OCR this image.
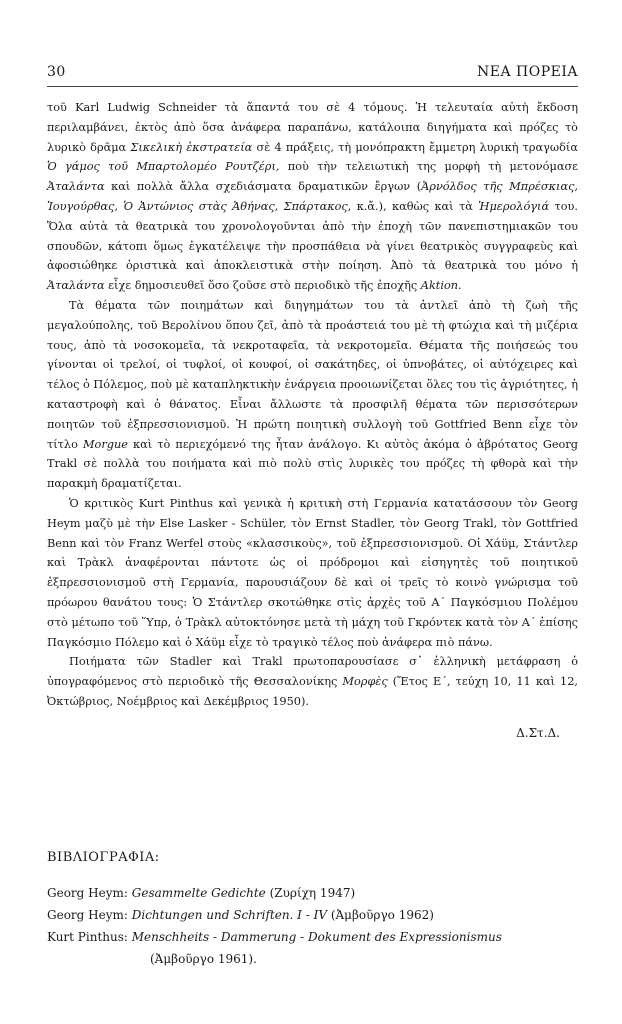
30	ΝΕΑ ΠΟΡΕΙΑ

τοῦ Karl Ludwig Schneider τὰ ἅπαντά του σὲ 4 τόμους. Ἡ τελευταία αὐτὴ ἔκδοση περιλαμβάνει, ἐκτὸς ἀπὸ ὅσα ἀνάφερα παραπάνω, κατάλοιπα διηγήματα καὶ πρόζες τὸ λυρικὸ δρᾶμα Σικελικὴ ἐκστρατεία σὲ 4 πράξεις, τὴ μονόπρακτη ἔμμετρη λυρικὴ τραγωδία Ὁ γάμος τοῦ Μπαρτολομέο Ρουτζέρι, ποὺ τὴν τελειωτικὴ της μορφὴ τὴ μετονόμασε Ἀταλάντα καὶ πολλὰ ἄλλα σχεδιάσματα δραματικῶν ἔργων (Ἀρνόλδος τῆς Μπρέσκιας, Ἰουγούρθας, Ὁ Ἀντώνιος στὰς Ἀθήνας, Σπάρτακος, κ.ἄ.), καθὼς καὶ τὰ Ἡμερολόγιά του. Ὅλα αὐτὰ τὰ θεατρικὰ του χρονολογοῦνται ἀπὸ τὴν ἐποχὴ τῶν πανεπιστημιακῶν του σπουδῶν, κάτοπι ὅμως ἐγκατέλειψε τὴν προσπάθεια νὰ γίνει θεατρικὸς συγγραφεὺς καὶ ἀφοσιώθηκε ὁριστικὰ καὶ ἀποκλειστικὰ στὴν ποίηση. Ἀπὸ τὰ θεατρικὰ του μόνο ἡ Ἀταλάντα εἶχε δημοσιευθεῖ ὅσο ζοῦσε στὸ περιοδικὸ τῆς ἐποχῆς Aktion.

Τὰ θέματα τῶν ποιημάτων καὶ διηγημάτων του τὰ ἀντλεῖ ἀπὸ τὴ ζωὴ τῆς μεγαλούπολης, τοῦ Βερολίνου ὅπου ζεῖ, ἀπὸ τὰ προάστειά του μὲ τὴ φτώχια καὶ τὴ μιζέρια τους, ἀπὸ τὰ νοσοκομεῖα, τὰ νεκροταφεῖα, τὰ νεκροτομεῖα. Θέματα τῆς ποιήσεώς του γίνονται οἱ τρελοί, οἱ τυφλοί, οἱ κουφοί, οἱ σακάτηδες, οἱ ὑπνοβάτες, οἱ αὐτόχειρες καὶ τέλος ὁ Πόλεμος, ποὺ μὲ καταπληκτικὴν ἐνάργεια προοιωνίζεται ὅλες του τὶς ἀγριότητες, ἡ καταστροφὴ καὶ ὁ θάνατος. Εἶναι ἄλλωστε τὰ προσφιλῆ θέματα τῶν περισσότερων ποιητῶν τοῦ ἐξπρεσσιονισμοῦ. Ἡ πρώτη ποιητικὴ συλλογὴ τοῦ Gottfried Benn εἶχε τὸν τίτλο Morgue καὶ τὸ περιεχόμενό της ἦταν ἀνάλογο. Κι αὐτὸς ἀκόμα ὁ ἁβρότατος Georg Trakl σὲ πολλὰ του ποιήματα καὶ πιὸ πολὺ στὶς λυρικὲς του πρόζες τὴ φθορὰ καὶ τὴν παρακμὴ δραματίζεται.

Ὁ κριτικὸς Kurt Pinthus καὶ γενικὰ ἡ κριτικὴ στὴ Γερμανία κατατάσσουν τὸν Georg Heym μαζὺ μὲ τὴν Else Lasker - Schüler, τὸν Ernst Stadler, τὸν Georg Trakl, τὸν Gottfried Benn καὶ τὸν Franz Werfel στοὺς «κλασσικοὺς», τοῦ ἐξπρεσσιονισμοῦ. Οἱ Χάϋμ, Στάντλερ καὶ Τρὰκλ ἀναφέρονται πάντοτε ὡς οἱ πρόδρομοι καὶ εἰσηγητὲς τοῦ ποιητικοῦ ἐξπρεσσιονισμοῦ στὴ Γερμανία, παρουσιάζουν δὲ καὶ οἱ τρεῖς τὸ κοινὸ γνώρισμα τοῦ πρόωρου θανάτου τους: Ὁ Στάντλερ σκοτώθηκε στὶς ἀρχὲς τοῦ Α΄ Παγκόσμιου Πολέμου στὸ μέτωπο τοῦ Ὕπρ, ὁ Τρὰκλ αὐτοκτόνησε μετὰ τὴ μάχη τοῦ Γκρόντεκ κατὰ τὸν Α΄ ἐπίσης Παγκόσμιο Πόλεμο καὶ ὁ Χάϋμ εἶχε τὸ τραγικὸ τέλος ποὺ ἀνάφερα πιὸ πάνω.

Ποιήματα τῶν Stadler καὶ Trakl πρωτοπαρουσίασε σ᾽ ἑλληνικὴ μετάφραση ὁ ὑπογραφόμενος στὸ περιοδικὸ τῆς Θεσσαλονίκης Μορφὲς (Ἔτος Ε΄, τεύχη 10, 11 καὶ 12, Ὀκτώβριος, Νοέμβριος καὶ Δεκέμβριος 1950).

Δ.Στ.Δ.
ΒΙΒΛΙΟΓΡΑΦΙΑ:
Georg Heym: Gesammelte Gedichte (Ζυρίχη 1947)
Georg Heym: Dichtungen und Schriften. I - IV (Ἀμβοῦργο 1962)
Kurt Pinthus: Menschheits - Dammerung - Dokument des Expressionismus
(Ἀμβοῦργο 1961).
